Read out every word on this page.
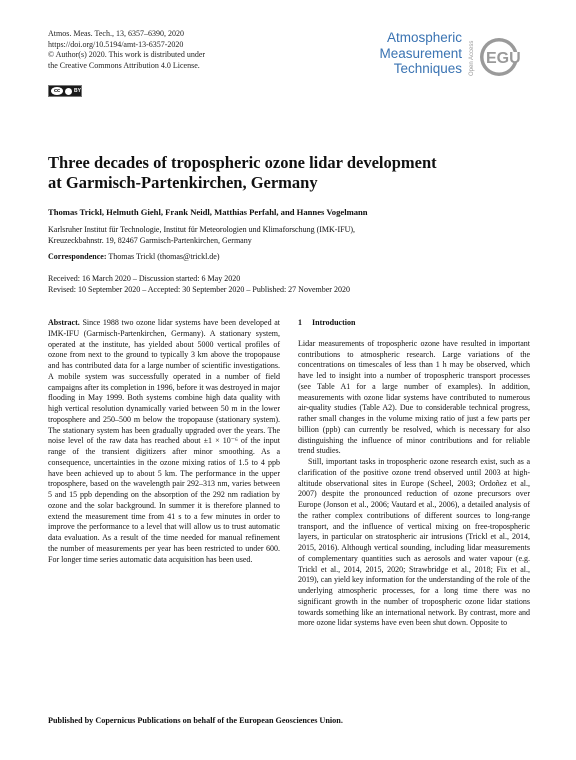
Atmos. Meas. Tech., 13, 6357–6390, 2020
https://doi.org/10.5194/amt-13-6357-2020
© Author(s) 2020. This work is distributed under
the Creative Commons Attribution 4.0 License.
cc	BY
Atmospheric
Measurement
Techniques Open Access EGU
Three decades of tropospheric ozone lidar development
at Garmisch-Partenkirchen, Germany
Thomas Trickl, Helmuth Giehl, Frank Neidl, Matthias Perfahl, and Hannes Vogelmann
Karlsruher Institut für Technologie, Institut für Meteorologien und Klimaforschung (IMK-IFU),
Kreuzeckbahnstr. 19, 82467 Garmisch-Partenkirchen, Germany
Correspondence: Thomas Trickl (thomas@trickl.de)
Received: 16 March 2020 – Discussion started: 6 May 2020
Revised: 10 September 2020 – Accepted: 30 September 2020 – Published: 27 November 2020

Abstract. Since 1988 two ozone lidar systems have been developed at IMK-IFU (Garmisch-Partenkirchen, Germany). A stationary system, operated at the institute, has yielded about 5000 vertical profiles of ozone from next to the ground to typically 3 km above the tropopause and has contributed data for a large number of scientific investigations. A mobile system was successfully operated in a number of field campaigns after its completion in 1996, before it was destroyed in major flooding in May 1999. Both systems combine high data quality with high vertical resolution dynamically varied between 50 m in the lower troposphere and 250–500 m below the tropopause (stationary system). The stationary system has been gradually upgraded over the years. The noise level of the raw data has reached about ±1 × 10⁻⁶ of the input range of the transient digitizers after minor smoothing. As a consequence, uncertainties in the ozone mixing ratios of 1.5 to 4 ppb have been achieved up to about 5 km. The performance in the upper troposphere, based on the wavelength pair 292–313 nm, varies between 5 and 15 ppb depending on the absorption of the 292 nm radiation by ozone and the solar background. In summer it is therefore planned to extend the measurement time from 41 s to a few minutes in order to improve the performance to a level that will allow us to trust automatic data evaluation. As a result of the time needed for manual refinement the number of measurements per year has been restricted to under 600. For longer time series automatic data acquisition has been used.

1 Introduction

Lidar measurements of tropospheric ozone have resulted in important contributions to atmospheric research. Large variations of the concentrations on timescales of less than 1 h may be observed, which have led to insight into a number of tropospheric transport processes (see Table A1 for a large number of examples). In addition, measurements with ozone lidar systems have contributed to numerous air-quality studies (Table A2). Due to considerable technical progress, rather small changes in the volume mixing ratio of just a few parts per billion (ppb) can currently be resolved, which is necessary for also distinguishing the influence of minor contributions and for reliable trend studies.

Still, important tasks in tropospheric ozone research exist, such as a clarification of the positive ozone trend observed until 2003 at high-altitude observational sites in Europe (Scheel, 2003; Ordoñez et al., 2007) despite the pronounced reduction of ozone precursors over Europe (Jonson et al., 2006; Vautard et al., 2006), a detailed analysis of the rather complex contributions of different sources to long-range transport, and the influence of vertical mixing on free-tropospheric layers, in particular on stratospheric air intrusions (Trickl et al., 2014, 2015, 2016). Although vertical sounding, including lidar measurements of complementary quantities such as aerosols and water vapour (e.g. Trickl et al., 2014, 2015, 2020; Strawbridge et al., 2018; Fix et al., 2019), can yield key information for the understanding of the role of the underlying atmospheric processes, for a long time there was no significant growth in the number of tropospheric ozone lidar stations towards something like an international network. By contrast, more and more ozone lidar systems have even been shut down. Opposite to

Published by Copernicus Publications on behalf of the European Geosciences Union.
